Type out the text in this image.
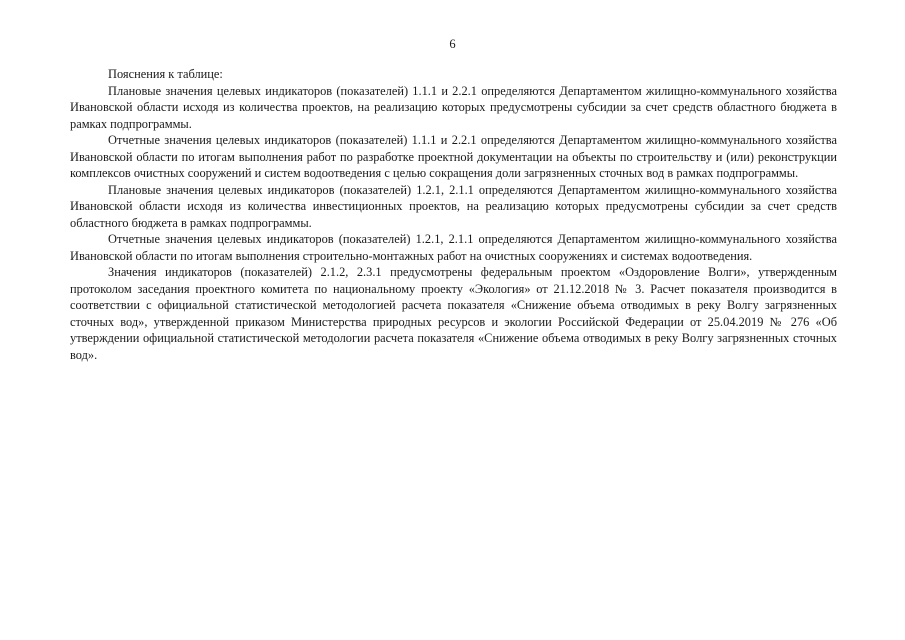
6

Пояснения к таблице:

Плановые значения целевых индикаторов (показателей) 1.1.1 и 2.2.1 определяются Департаментом жилищно-коммунального хозяйства Ивановской области исходя из количества проектов, на реализацию которых предусмотрены субсидии за счет средств областного бюджета в рамках подпрограммы.

Отчетные значения целевых индикаторов (показателей) 1.1.1 и 2.2.1 определяются Департаментом жилищно-коммунального хозяйства Ивановской области по итогам выполнения работ по разработке проектной документации на объекты по строительству и (или) реконструкции комплексов очистных сооружений и систем водоотведения с целью сокращения доли загрязненных сточных вод в рамках подпрограммы.

Плановые значения целевых индикаторов (показателей) 1.2.1, 2.1.1 определяются Департаментом жилищно-коммунального хозяйства Ивановской области исходя из количества инвестиционных проектов, на реализацию которых предусмотрены субсидии за счет средств областного бюджета в рамках подпрограммы.

Отчетные значения целевых индикаторов (показателей) 1.2.1, 2.1.1 определяются Департаментом жилищно-коммунального хозяйства Ивановской области по итогам выполнения строительно-монтажных работ на очистных сооружениях и системах водоотведения.

Значения индикаторов (показателей) 2.1.2, 2.3.1 предусмотрены федеральным проектом «Оздоровление Волги», утвержденным протоколом заседания проектного комитета по национальному проекту «Экология» от 21.12.2018 № 3. Расчет показателя производится в соответствии с официальной статистической методологией расчета показателя «Снижение объема отводимых в реку Волгу загрязненных сточных вод», утвержденной приказом Министерства природных ресурсов и экологии Российской Федерации от 25.04.2019 № 276 «Об утверждении официальной статистической методологии расчета показателя «Снижение объема отводимых в реку Волгу загрязненных сточных вод».
